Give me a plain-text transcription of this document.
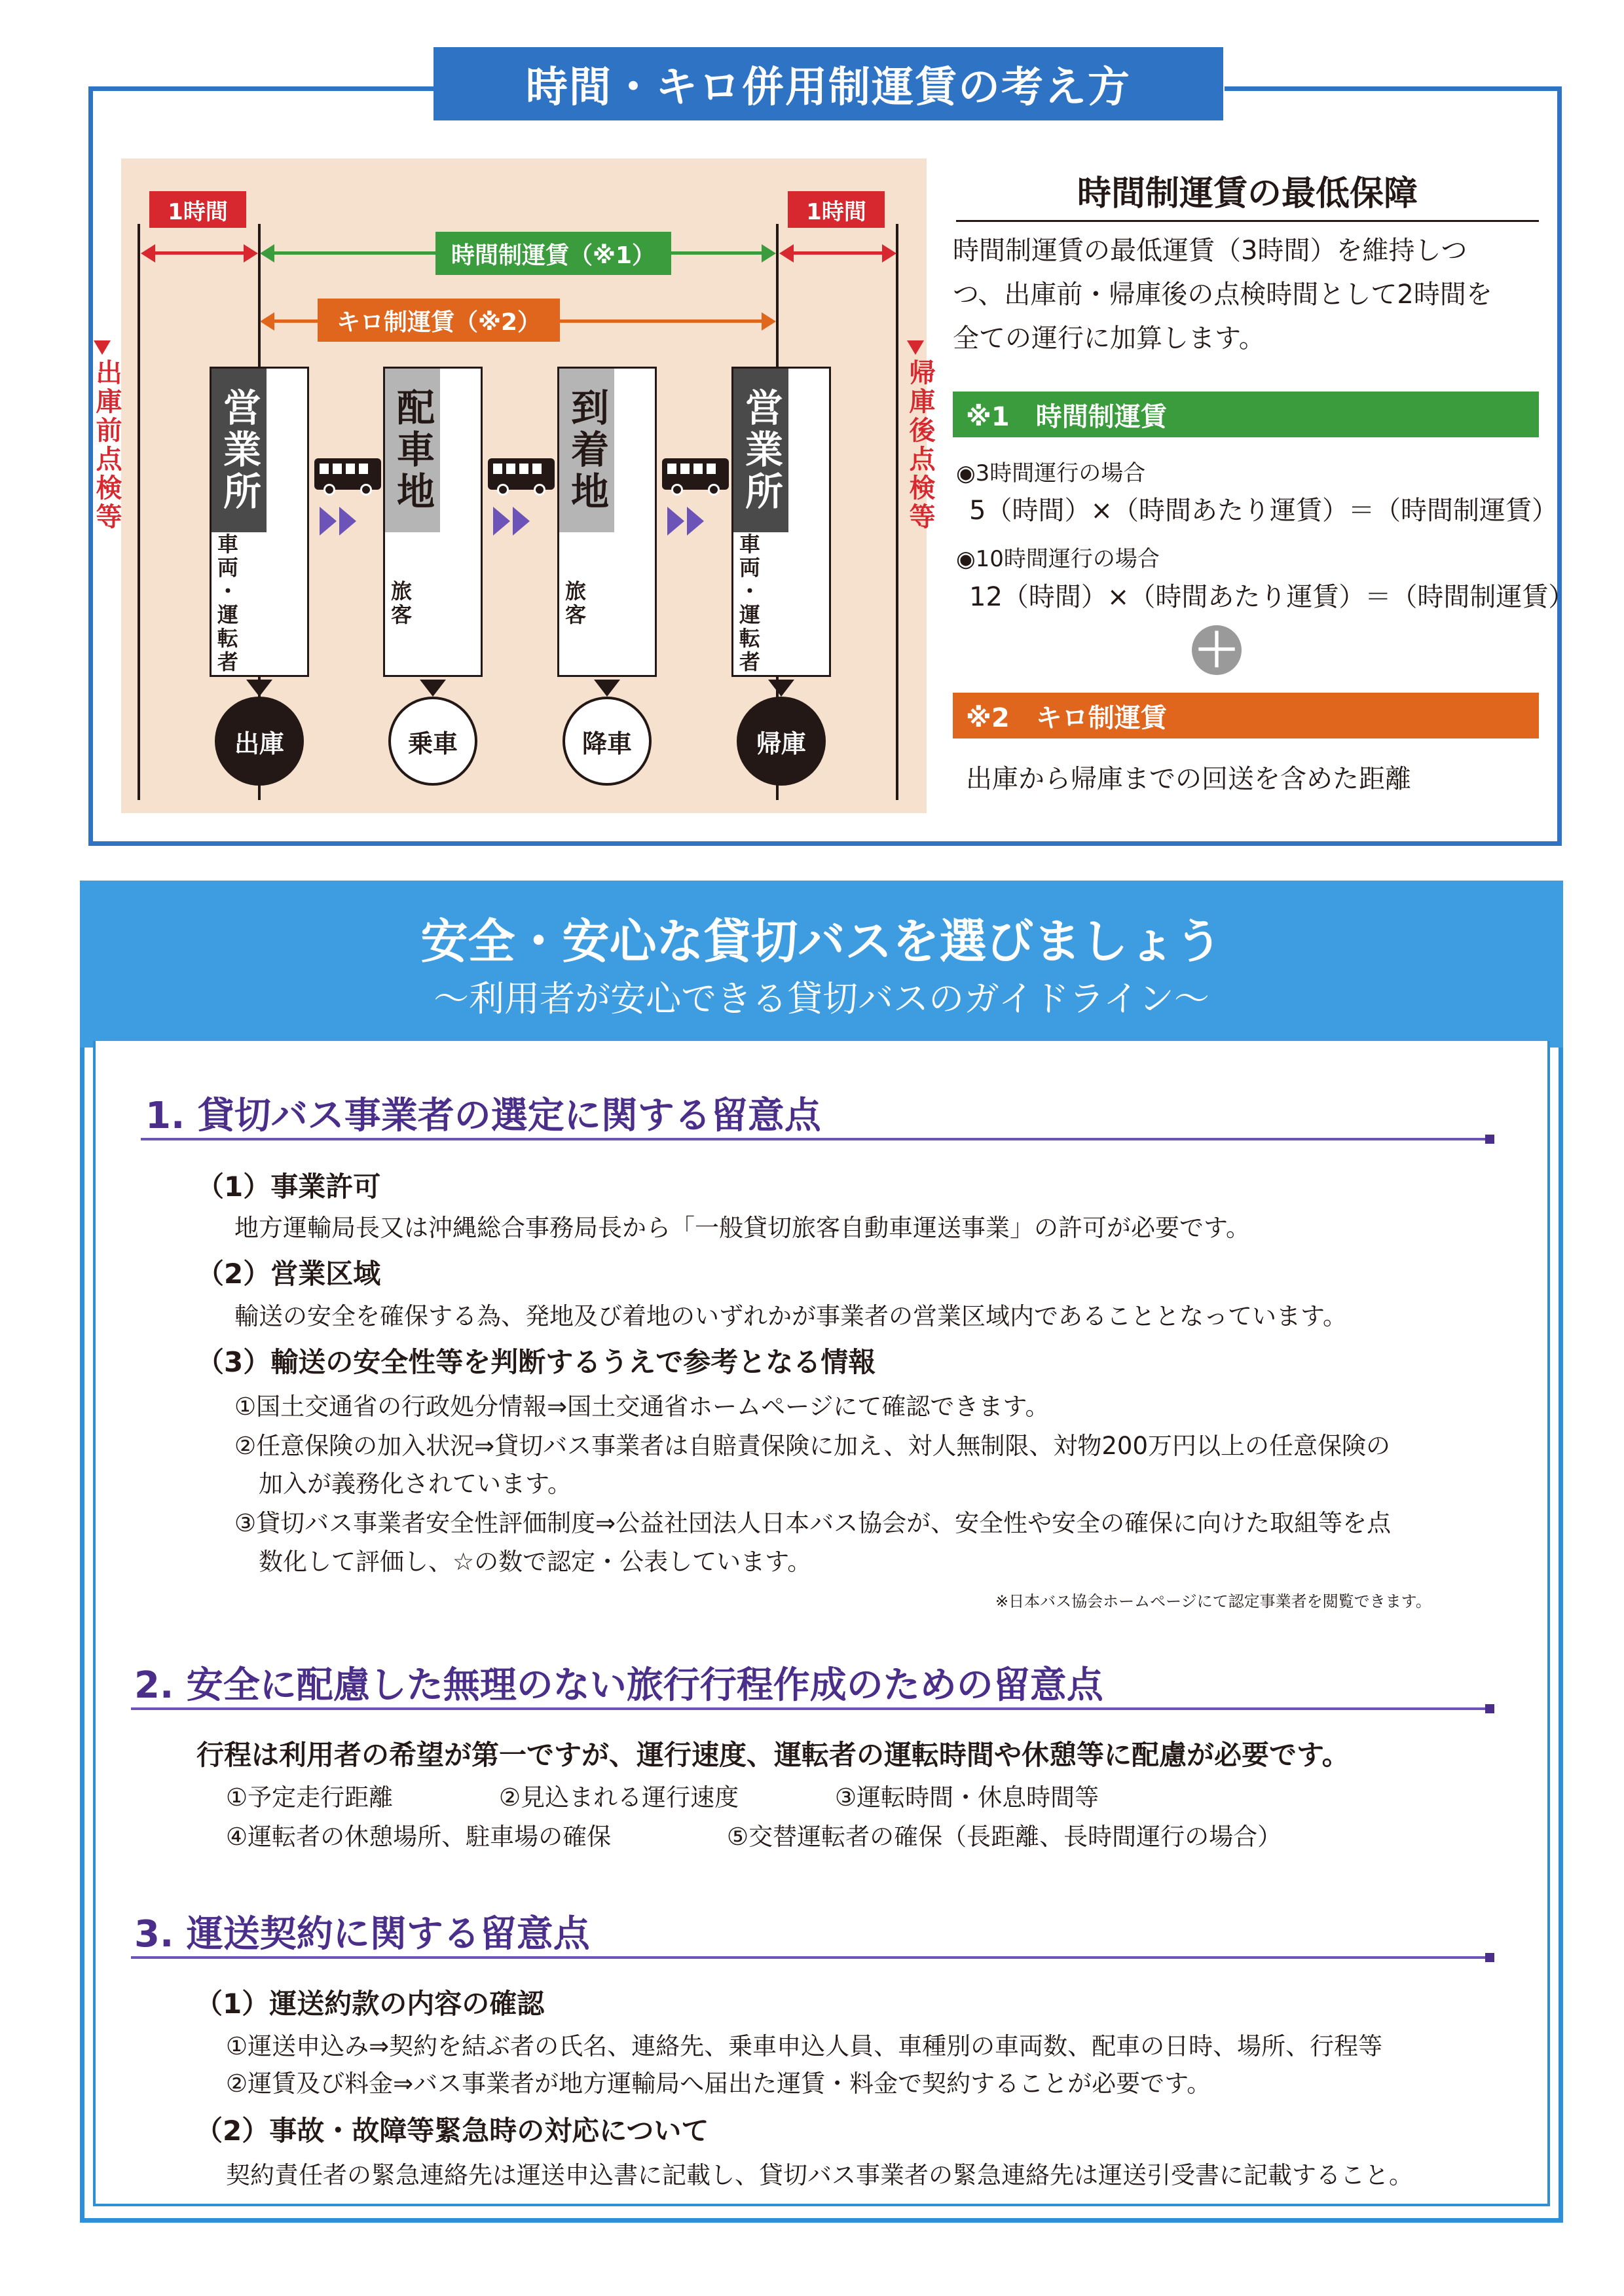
時間・キロ併用制運賃の考え方
1時間	1時間
時間制運賃（※1）
キロ制運賃（※2）
出庫前点検等	帰庫後点検等
営業所
車両・運転者
配車地
旅客
到着地
旅客
営業所
車両・運転者
出庫	乗車	降車	帰庫
時間制運賃の最低保障
時間制運賃の最低運賃（3時間）を維持しつ
つ、出庫前・帰庫後の点検時間として2時間を
全ての運行に加算します。
※1　時間制運賃
◉3時間運行の場合
5（時間）×（時間あたり運賃）＝（時間制運賃）
◉10時間運行の場合
12（時間）×（時間あたり運賃）＝（時間制運賃）
＋
※2　キロ制運賃
出庫から帰庫までの回送を含めた距離
安全・安心な貸切バスを選びましょう
～利用者が安心できる貸切バスのガイドライン～
1. 貸切バス事業者の選定に関する留意点
（1）事業許可
地方運輸局長又は沖縄総合事務局長から「一般貸切旅客自動車運送事業」の許可が必要です。
（2）営業区域
輸送の安全を確保する為、発地及び着地のいずれかが事業者の営業区域内であることとなっています。
（3）輸送の安全性等を判断するうえで参考となる情報
①国土交通省の行政処分情報⇒国土交通省ホームページにて確認できます。
②任意保険の加入状況⇒貸切バス事業者は自賠責保険に加え、対人無制限、対物200万円以上の任意保険の
　加入が義務化されています。
③貸切バス事業者安全性評価制度⇒公益社団法人日本バス協会が、安全性や安全の確保に向けた取組等を点
　数化して評価し、☆の数で認定・公表しています。
※日本バス協会ホームページにて認定事業者を閲覧できます。
2. 安全に配慮した無理のない旅行行程作成のための留意点
行程は利用者の希望が第一ですが、運行速度、運転者の運転時間や休憩等に配慮が必要です。
①予定走行距離	②見込まれる運行速度	③運転時間・休息時間等
④運転者の休憩場所、駐車場の確保	⑤交替運転者の確保（長距離、長時間運行の場合）
3. 運送契約に関する留意点
（1）運送約款の内容の確認
①運送申込み⇒契約を結ぶ者の氏名、連絡先、乗車申込人員、車種別の車両数、配車の日時、場所、行程等
②運賃及び料金⇒バス事業者が地方運輸局へ届出た運賃・料金で契約することが必要です。
（2）事故・故障等緊急時の対応について
契約責任者の緊急連絡先は運送申込書に記載し、貸切バス事業者の緊急連絡先は運送引受書に記載すること。
